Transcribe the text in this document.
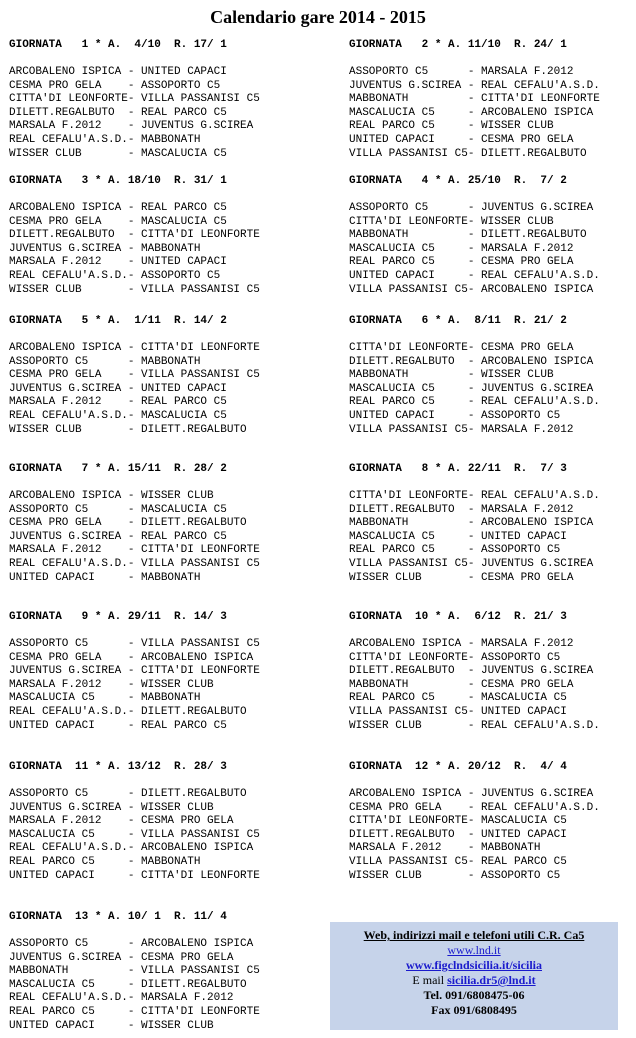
Calendario gare 2014 - 2015
GIORNATA   1 * A.  4/10  R. 17/ 1
ARCOBALENO ISPICA - UNITED CAPACI
CESMA PRO GELA    - ASSOPORTO C5
CITTA'DI LEONFORTE- VILLA PASSANISI C5
DILETT.REGALBUTO  - REAL PARCO C5
MARSALA F.2012    - JUVENTUS G.SCIREA
REAL CEFALU'A.S.D.- MABBONATH
WISSER CLUB       - MASCALUCIA C5
GIORNATA   2 * A. 11/10  R. 24/ 1
ASSOPORTO C5      - MARSALA F.2012
JUVENTUS G.SCIREA - REAL CEFALU'A.S.D.
MABBONATH         - CITTA'DI LEONFORTE
MASCALUCIA C5     - ARCOBALENO ISPICA
REAL PARCO C5     - WISSER CLUB
UNITED CAPACI     - CESMA PRO GELA
VILLA PASSANISI C5- DILETT.REGALBUTO
GIORNATA   3 * A. 18/10  R. 31/ 1
ARCOBALENO ISPICA - REAL PARCO C5
CESMA PRO GELA    - MASCALUCIA C5
DILETT.REGALBUTO  - CITTA'DI LEONFORTE
JUVENTUS G.SCIREA - MABBONATH
MARSALA F.2012    - UNITED CAPACI
REAL CEFALU'A.S.D.- ASSOPORTO C5
WISSER CLUB       - VILLA PASSANISI C5
GIORNATA   4 * A. 25/10  R.  7/ 2
ASSOPORTO C5      - JUVENTUS G.SCIREA
CITTA'DI LEONFORTE- WISSER CLUB
MABBONATH         - DILETT.REGALBUTO
MASCALUCIA C5     - MARSALA F.2012
REAL PARCO C5     - CESMA PRO GELA
UNITED CAPACI     - REAL CEFALU'A.S.D.
VILLA PASSANISI C5- ARCOBALENO ISPICA
GIORNATA   5 * A.  1/11  R. 14/ 2
ARCOBALENO ISPICA - CITTA'DI LEONFORTE
ASSOPORTO C5      - MABBONATH
CESMA PRO GELA    - VILLA PASSANISI C5
JUVENTUS G.SCIREA - UNITED CAPACI
MARSALA F.2012    - REAL PARCO C5
REAL CEFALU'A.S.D.- MASCALUCIA C5
WISSER CLUB       - DILETT.REGALBUTO
GIORNATA   6 * A.  8/11  R. 21/ 2
CITTA'DI LEONFORTE- CESMA PRO GELA
DILETT.REGALBUTO  - ARCOBALENO ISPICA
MABBONATH         - WISSER CLUB
MASCALUCIA C5     - JUVENTUS G.SCIREA
REAL PARCO C5     - REAL CEFALU'A.S.D.
UNITED CAPACI     - ASSOPORTO C5
VILLA PASSANISI C5- MARSALA F.2012
GIORNATA   7 * A. 15/11  R. 28/ 2
ARCOBALENO ISPICA - WISSER CLUB
ASSOPORTO C5      - MASCALUCIA C5
CESMA PRO GELA    - DILETT.REGALBUTO
JUVENTUS G.SCIREA - REAL PARCO C5
MARSALA F.2012    - CITTA'DI LEONFORTE
REAL CEFALU'A.S.D.- VILLA PASSANISI C5
UNITED CAPACI     - MABBONATH
GIORNATA   8 * A. 22/11  R.  7/ 3
CITTA'DI LEONFORTE- REAL CEFALU'A.S.D.
DILETT.REGALBUTO  - MARSALA F.2012
MABBONATH         - ARCOBALENO ISPICA
MASCALUCIA C5     - UNITED CAPACI
REAL PARCO C5     - ASSOPORTO C5
VILLA PASSANISI C5- JUVENTUS G.SCIREA
WISSER CLUB       - CESMA PRO GELA
GIORNATA   9 * A. 29/11  R. 14/ 3
ASSOPORTO C5      - VILLA PASSANISI C5
CESMA PRO GELA    - ARCOBALENO ISPICA
JUVENTUS G.SCIREA - CITTA'DI LEONFORTE
MARSALA F.2012    - WISSER CLUB
MASCALUCIA C5     - MABBONATH
REAL CEFALU'A.S.D.- DILETT.REGALBUTO
UNITED CAPACI     - REAL PARCO C5
GIORNATA  10 * A.  6/12  R. 21/ 3
ARCOBALENO ISPICA - MARSALA F.2012
CITTA'DI LEONFORTE- ASSOPORTO C5
DILETT.REGALBUTO  - JUVENTUS G.SCIREA
MABBONATH         - CESMA PRO GELA
REAL PARCO C5     - MASCALUCIA C5
VILLA PASSANISI C5- UNITED CAPACI
WISSER CLUB       - REAL CEFALU'A.S.D.
GIORNATA  11 * A. 13/12  R. 28/ 3
ASSOPORTO C5      - DILETT.REGALBUTO
JUVENTUS G.SCIREA - WISSER CLUB
MARSALA F.2012    - CESMA PRO GELA
MASCALUCIA C5     - VILLA PASSANISI C5
REAL CEFALU'A.S.D.- ARCOBALENO ISPICA
REAL PARCO C5     - MABBONATH
UNITED CAPACI     - CITTA'DI LEONFORTE
GIORNATA  12 * A. 20/12  R.  4/ 4
ARCOBALENO ISPICA - JUVENTUS G.SCIREA
CESMA PRO GELA    - REAL CEFALU'A.S.D.
CITTA'DI LEONFORTE- MASCALUCIA C5
DILETT.REGALBUTO  - UNITED CAPACI
MARSALA F.2012    - MABBONATH
VILLA PASSANISI C5- REAL PARCO C5
WISSER CLUB       - ASSOPORTO C5
GIORNATA  13 * A. 10/ 1  R. 11/ 4
ASSOPORTO C5      - ARCOBALENO ISPICA
JUVENTUS G.SCIREA - CESMA PRO GELA
MABBONATH         - VILLA PASSANISI C5
MASCALUCIA C5     - DILETT.REGALBUTO
REAL CEFALU'A.S.D.- MARSALA F.2012
REAL PARCO C5     - CITTA'DI LEONFORTE
UNITED CAPACI     - WISSER CLUB
Web, indirizzi mail e telefoni utili C.R. Ca5
www.lnd.it
www.figclndsicilia.it/sicilia
E mail sicilia.dr5@lnd.it
Tel. 091/6808475-06
Fax 091/6808495
